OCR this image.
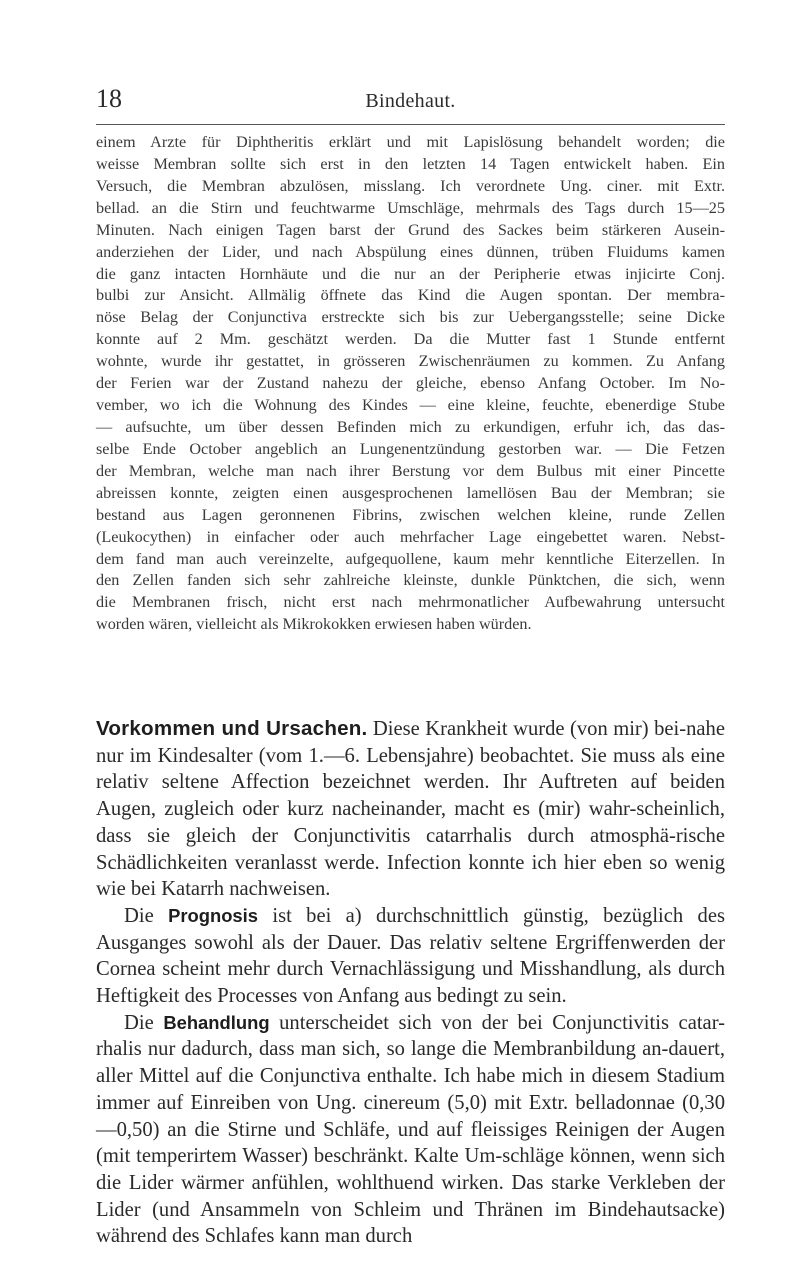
18	Bindehaut.

einem Arzte für Diphtheritis erklärt und mit Lapislösung behandelt worden; die

weisse Membran sollte sich erst in den letzten 14 Tagen entwickelt haben. Ein

Versuch, die Membran abzulösen, misslang. Ich verordnete Ung. ciner. mit Extr.

bellad. an die Stirn und feuchtwarme Umschläge, mehrmals des Tags durch 15—25

Minuten. Nach einigen Tagen barst der Grund des Sackes beim stärkeren Ausein-

anderziehen der Lider, und nach Abspülung eines dünnen, trüben Fluidums kamen

die ganz intacten Hornhäute und die nur an der Peripherie etwas injicirte Conj.

bulbi zur Ansicht. Allmälig öffnete das Kind die Augen spontan. Der membra-

nöse Belag der Conjunctiva erstreckte sich bis zur Uebergangsstelle; seine Dicke

konnte auf 2 Mm. geschätzt werden. Da die Mutter fast 1 Stunde entfernt

wohnte, wurde ihr gestattet, in grösseren Zwischenräumen zu kommen. Zu Anfang

der Ferien war der Zustand nahezu der gleiche, ebenso Anfang October. Im No-

vember, wo ich die Wohnung des Kindes — eine kleine, feuchte, ebenerdige Stube

— aufsuchte, um über dessen Befinden mich zu erkundigen, erfuhr ich, das das-

selbe Ende October angeblich an Lungenentzündung gestorben war. — Die Fetzen

der Membran, welche man nach ihrer Berstung vor dem Bulbus mit einer Pincette

abreissen konnte, zeigten einen ausgesprochenen lamellösen Bau der Membran; sie

bestand aus Lagen geronnenen Fibrins, zwischen welchen kleine, runde Zellen

(Leukocythen) in einfacher oder auch mehrfacher Lage eingebettet waren. Nebst-

dem fand man auch vereinzelte, aufgequollene, kaum mehr kenntliche Eiterzellen. In

den Zellen fanden sich sehr zahlreiche kleinste, dunkle Pünktchen, die sich, wenn

die Membranen frisch, nicht erst nach mehrmonatlicher Aufbewahrung untersucht

worden wären, vielleicht als Mikrokokken erwiesen haben würden.

Vorkommen und Ursachen. Diese Krankheit wurde (von mir) bei-nahe nur im Kindesalter (vom 1.—6. Lebensjahre) beobachtet. Sie muss als eine relativ seltene Affection bezeichnet werden. Ihr Auftreten auf beiden Augen, zugleich oder kurz nacheinander, macht es (mir) wahr-scheinlich, dass sie gleich der Conjunctivitis catarrhalis durch atmosphä-rische Schädlichkeiten veranlasst werde. Infection konnte ich hier eben so wenig wie bei Katarrh nachweisen.

Die Prognosis ist bei a) durchschnittlich günstig, bezüglich des Ausganges sowohl als der Dauer. Das relativ seltene Ergriffenwerden der Cornea scheint mehr durch Vernachlässigung und Misshandlung, als durch Heftigkeit des Processes von Anfang aus bedingt zu sein.

Die Behandlung unterscheidet sich von der bei Conjunctivitis catar-rhalis nur dadurch, dass man sich, so lange die Membranbildung an-dauert, aller Mittel auf die Conjunctiva enthalte. Ich habe mich in diesem Stadium immer auf Einreiben von Ung. cinereum (5,0) mit Extr. belladonnae (0,30—0,50) an die Stirne und Schläfe, und auf fleissiges Reinigen der Augen (mit temperirtem Wasser) beschränkt. Kalte Um-schläge können, wenn sich die Lider wärmer anfühlen, wohlthuend wirken. Das starke Verkleben der Lider (und Ansammeln von Schleim und Thränen im Bindehautsacke) während des Schlafes kann man durch
